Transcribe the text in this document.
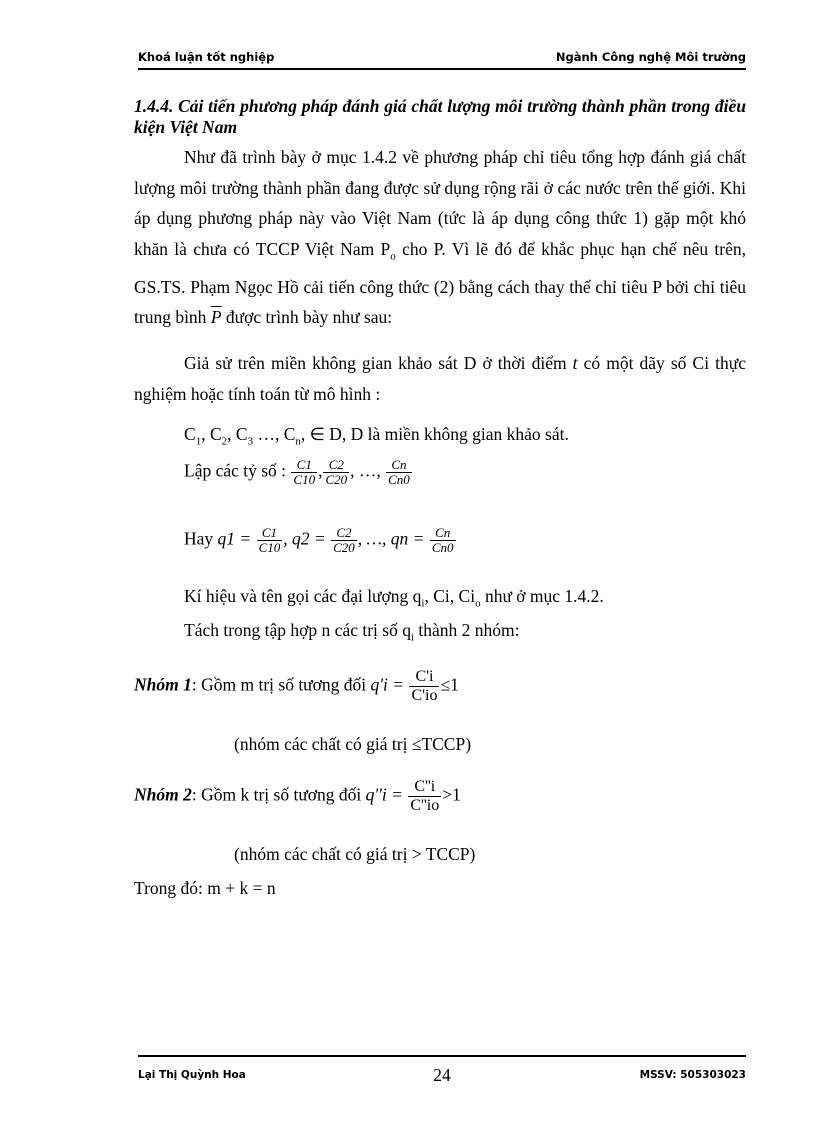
Khoá luận tốt nghiệp	Ngành Công nghệ Môi trường
1.4.4. Cải tiến phương pháp đánh giá chất lượng môi trường thành phần trong điều kiện Việt Nam
Như đã trình bày ở mục 1.4.2 về phương pháp chỉ tiêu tổng hợp đánh giá chất lượng môi trường thành phần đang được sử dụng rộng rãi ở các nước trên thế giới. Khi áp dụng phương pháp này vào Việt Nam (tức là áp dụng công thức 1) gặp một khó khăn là chưa có TCCP Việt Nam $P_o$ cho P. Vì lẽ đó để khắc phục hạn chế nêu trên, GS.TS. Phạm Ngọc Hồ cải tiến công thức (2) bằng cách thay thế chỉ tiêu P bởi chỉ tiêu trung bình $\overline{P}$ được trình bày như sau:
Giả sử trên miền không gian khảo sát D ở thời điểm t có một dãy số Ci thực nghiệm hoặc tính toán từ mô hình :
$C_1$, $C_2$, $C_3$ …, $C_n$, ∈ D, D là miền không gian khảo sát.
Lập các tỷ số : $\frac{C1}{C10}$ , $\frac{C2}{C20}$ , …, $\frac{Cn}{Cn0}$
Hay $q1 = \frac{C1}{C10}$ , $q2 = \frac{C2}{C20}$ , …, qn = $\frac{Cn}{Cn0}$
Kí hiệu và tên gọi các đại lượng $q_i$, Ci, $Ci_o$ như ở mục 1.4.2.
Tách trong tập hợp n các trị số $q_i$ thành 2 nhóm:
Nhóm 1: Gồm m trị số tương đối $q'i = \frac{C'i}{C'io} \le 1$
(nhóm các chất có giá trị ≤TCCP)
Nhóm 2: Gồm k trị số tương đối $q''i = \frac{C''i}{C''io} >1$
(nhóm các chất có giá trị > TCCP)
Trong đó: m + k = n
Lại Thị Quỳnh Hoa	24	MSSV: 505303023
